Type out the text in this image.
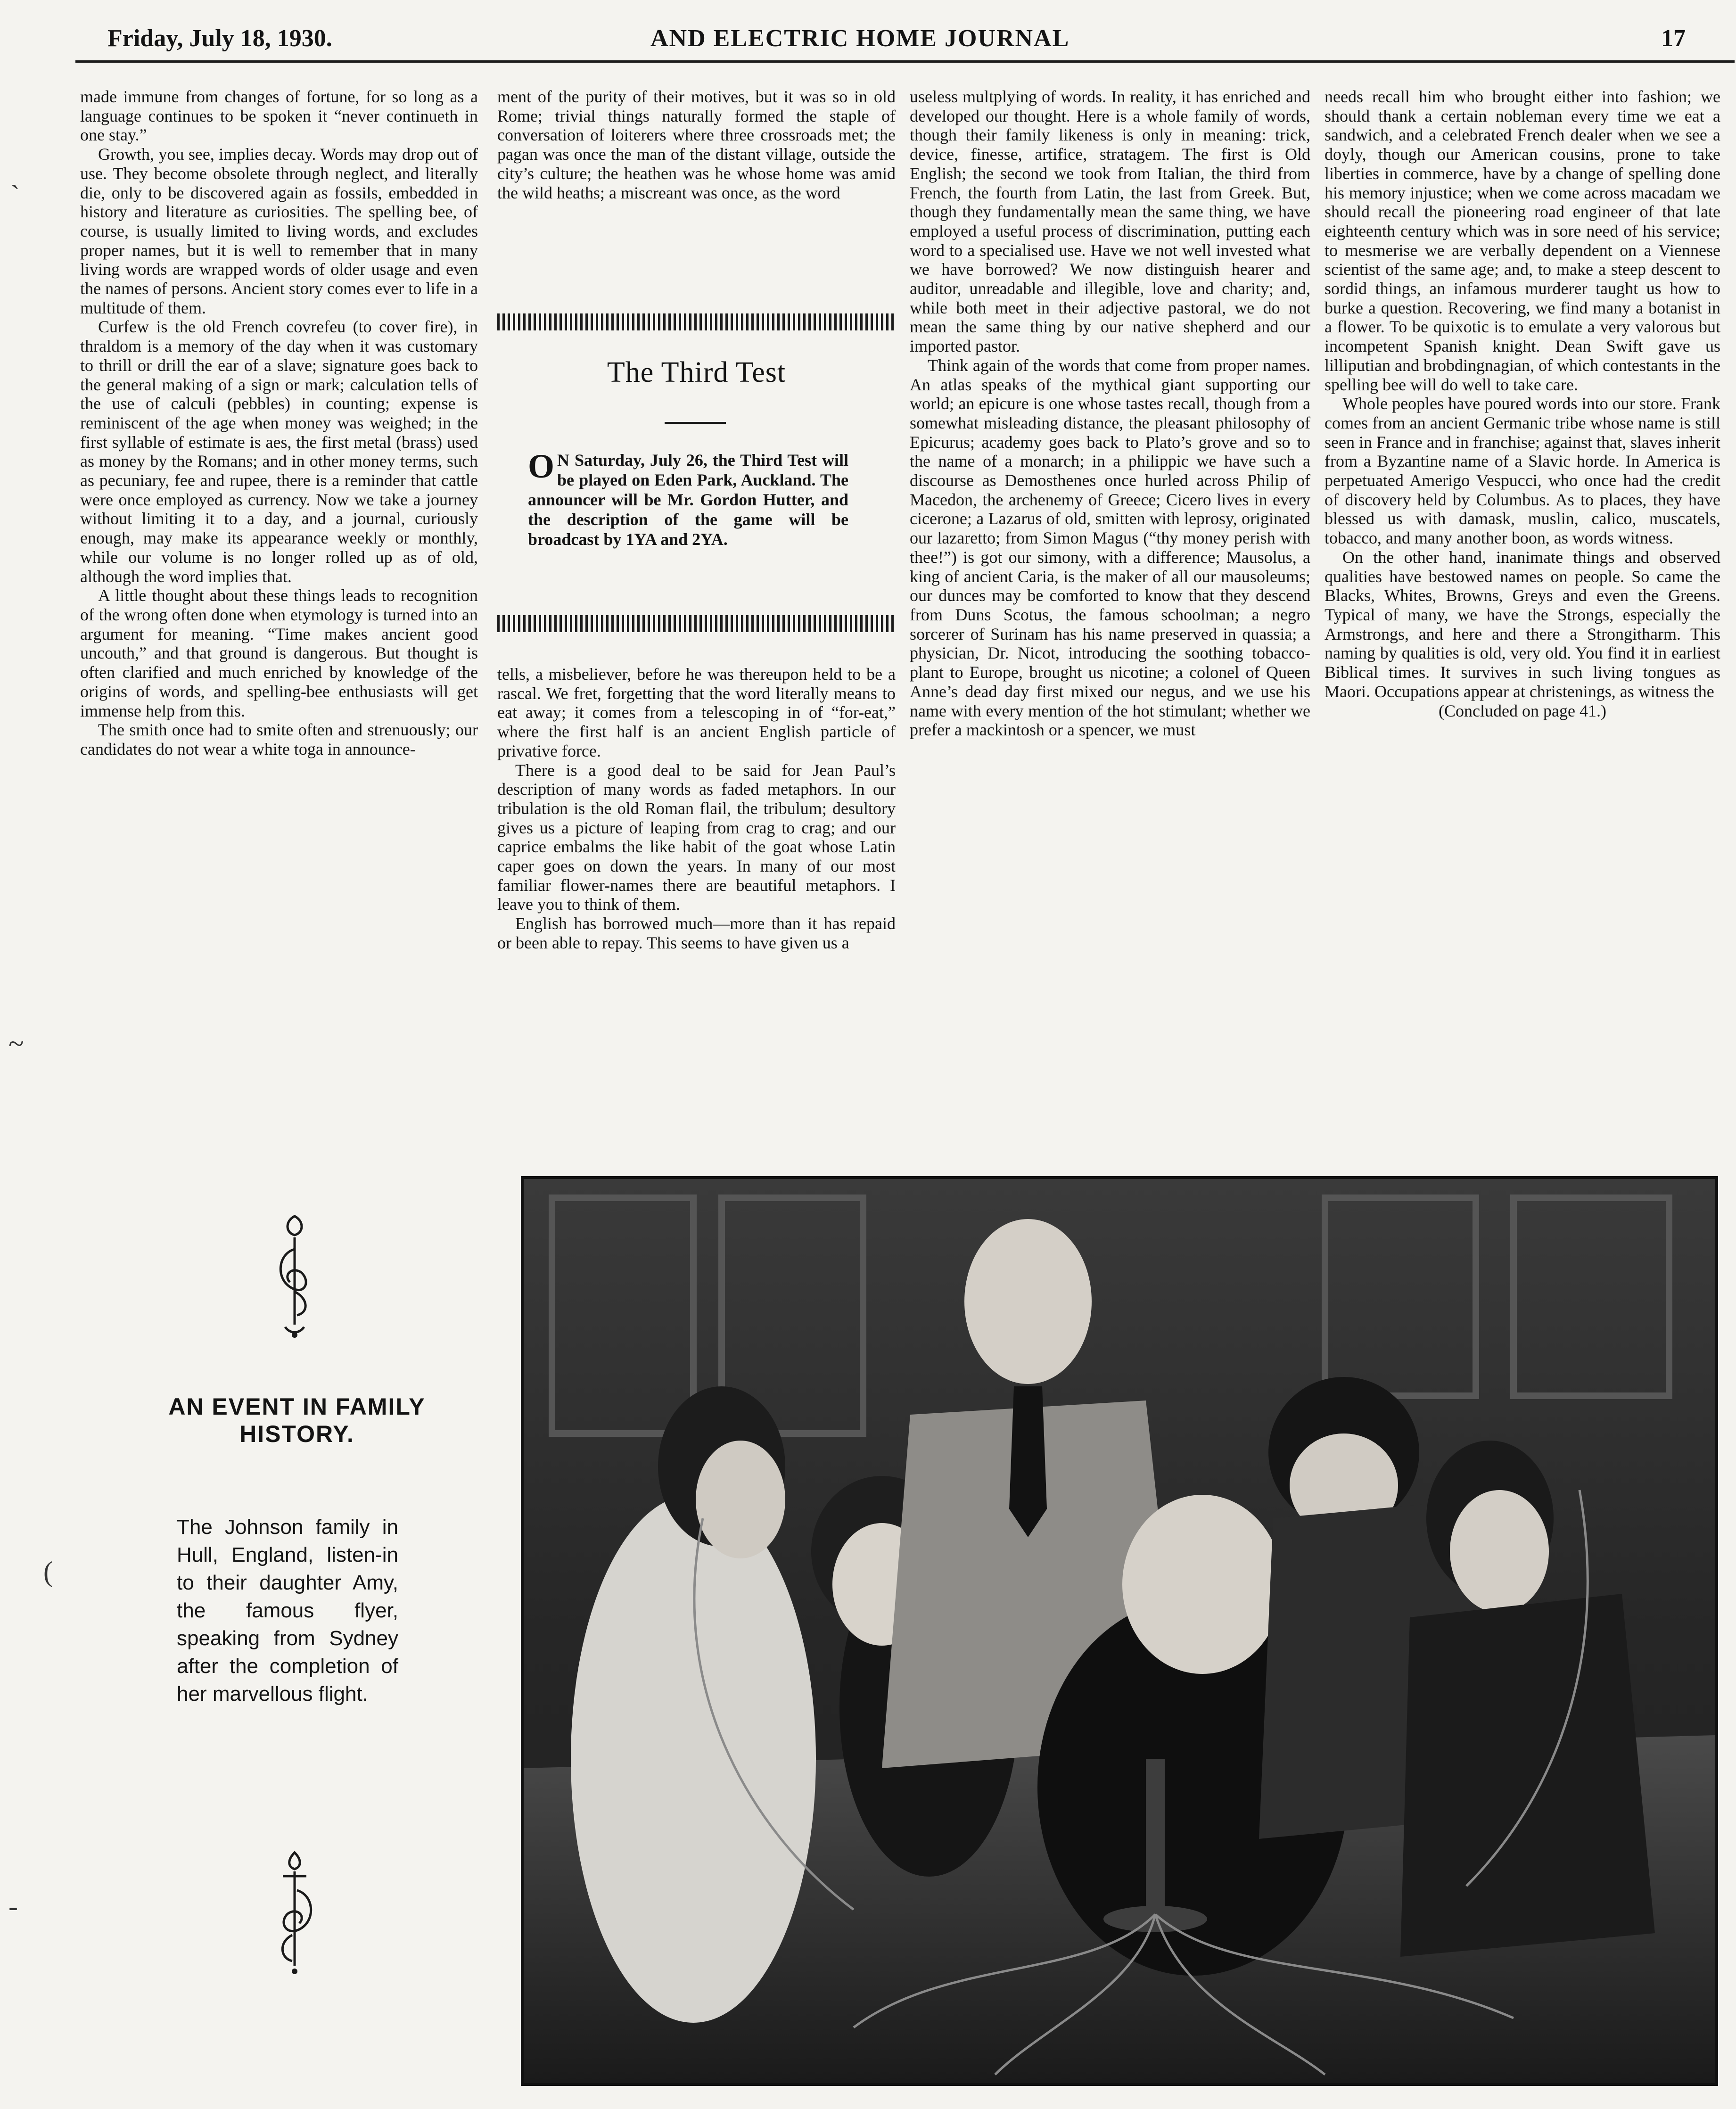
Friday, July 18, 1930.	AND ELECTRIC HOME JOURNAL	17

made immune from changes of fortune, for so long as a language continues to be spoken it “never continueth in one stay.”

Growth, you see, implies decay. Words may drop out of use. They become obsolete through neglect, and literally die, only to be discovered again as fossils, embedded in history and literature as curiosities. The spelling bee, of course, is usually limited to living words, and excludes proper names, but it is well to remember that in many living words are wrapped words of older usage and even the names of persons. Ancient story comes ever to life in a multitude of them.

Curfew is the old French covrefeu (to cover fire), in thraldom is a memory of the day when it was customary to thrill or drill the ear of a slave; signature goes back to the general making of a sign or mark; calculation tells of the use of calculi (pebbles) in counting; expense is reminiscent of the age when money was weighed; in the first syllable of estimate is aes, the first metal (brass) used as money by the Romans; and in other money terms, such as pecuniary, fee and rupee, there is a reminder that cattle were once employed as currency. Now we take a journey without limiting it to a day, and a journal, curiously enough, may make its appearance weekly or monthly, while our volume is no longer rolled up as of old, although the word implies that.

A little thought about these things leads to recognition of the wrong often done when etymology is turned into an argument for meaning. “Time makes ancient good uncouth,” and that ground is dangerous. But thought is often clarified and much enriched by knowledge of the origins of words, and spelling-bee enthusiasts will get immense help from this.

The smith once had to smite often and strenuously; our candidates do not wear a white toga in announce-

ment of the purity of their motives, but it was so in old Rome; trivial things naturally formed the staple of conversation of loiterers where three crossroads met; the pagan was once the man of the distant village, outside the city’s culture; the heathen was he whose home was amid the wild heaths; a miscreant was once, as the word

The Third Test
O N Saturday, July 26, the Third Test will be played on Eden Park, Auckland. The announcer will be Mr. Gordon Hutter, and the description of the game will be broadcast by 1YA and 2YA.

tells, a misbeliever, before he was thereupon held to be a rascal. We fret, forgetting that the word literally means to eat away; it comes from a telescoping in of “for-eat,” where the first half is an ancient English particle of privative force.

There is a good deal to be said for Jean Paul’s description of many words as faded metaphors. In our tribulation is the old Roman flail, the tribulum; desultory gives us a picture of leaping from crag to crag; and our caprice embalms the like habit of the goat whose Latin caper goes on down the years. In many of our most familiar flower-names there are beautiful metaphors. I leave you to think of them.

English has borrowed much—more than it has repaid or been able to repay. This seems to have given us a

useless multplying of words. In reality, it has enriched and developed our thought. Here is a whole family of words, though their family likeness is only in meaning: trick, device, finesse, artifice, stratagem. The first is Old English; the second we took from Italian, the third from French, the fourth from Latin, the last from Greek. But, though they fundamentally mean the same thing, we have employed a useful process of discrimination, putting each word to a specialised use. Have we not well invested what we have borrowed? We now distinguish hearer and auditor, unreadable and illegible, love and charity; and, while both meet in their adjective pastoral, we do not mean the same thing by our native shepherd and our imported pastor.

Think again of the words that come from proper names. An atlas speaks of the mythical giant supporting our world; an epicure is one whose tastes recall, though from a somewhat misleading distance, the pleasant philosophy of Epicurus; academy goes back to Plato’s grove and so to the name of a monarch; in a philippic we have such a discourse as Demosthenes once hurled across Philip of Macedon, the archenemy of Greece; Cicero lives in every cicerone; a Lazarus of old, smitten with leprosy, originated our lazaretto; from Simon Magus (“thy money perish with thee!”) is got our simony, with a difference; Mausolus, a king of ancient Caria, is the maker of all our mausoleums; our dunces may be comforted to know that they descend from Duns Scotus, the famous schoolman; a negro sorcerer of Surinam has his name preserved in quassia; a physician, Dr. Nicot, introducing the soothing tobacco-plant to Europe, brought us nicotine; a colonel of Queen Anne’s dead day first mixed our negus, and we use his name with every mention of the hot stimulant; whether we prefer a mackintosh or a spencer, we must

needs recall him who brought either into fashion; we should thank a certain nobleman every time we eat a sandwich, and a celebrated French dealer when we see a doyly, though our American cousins, prone to take liberties in commerce, have by a change of spelling done his memory injustice; when we come across macadam we should recall the pioneering road engineer of that late eighteenth century which was in sore need of his service; to mesmerise we are verbally dependent on a Viennese scientist of the same age; and, to make a steep descent to sordid things, an infamous murderer taught us how to burke a question. Recovering, we find many a botanist in a flower. To be quixotic is to emulate a very valorous but incompetent Spanish knight. Dean Swift gave us lilliputian and brobdingnagian, of which contestants in the spelling bee will do well to take care.

Whole peoples have poured words into our store. Frank comes from an ancient Germanic tribe whose name is still seen in France and in franchise; against that, slaves inherit from a Byzantine name of a Slavic horde. In America is perpetuated Amerigo Vespucci, who once had the credit of discovery held by Columbus. As to places, they have blessed us with damask, muslin, calico, muscatels, tobacco, and many another boon, as words witness.

On the other hand, inanimate things and observed qualities have bestowed names on people. So came the Blacks, Whites, Browns, Greys and even the Greens. Typical of many, we have the Strongs, especially the Armstrongs, and here and there a Strongitharm. This naming by qualities is old, very old. You find it in earliest Biblical times. It survives in such living tongues as Maori. Occupations appear at christenings, as witness the

(Concluded on page 41.)

AN EVENT IN FAMILY HISTORY.
The Johnson family in Hull, England, listen-in to their daughter Amy, the famous flyer, speaking from Sydney after the completion of her marvellous flight.
`
~
(
-
